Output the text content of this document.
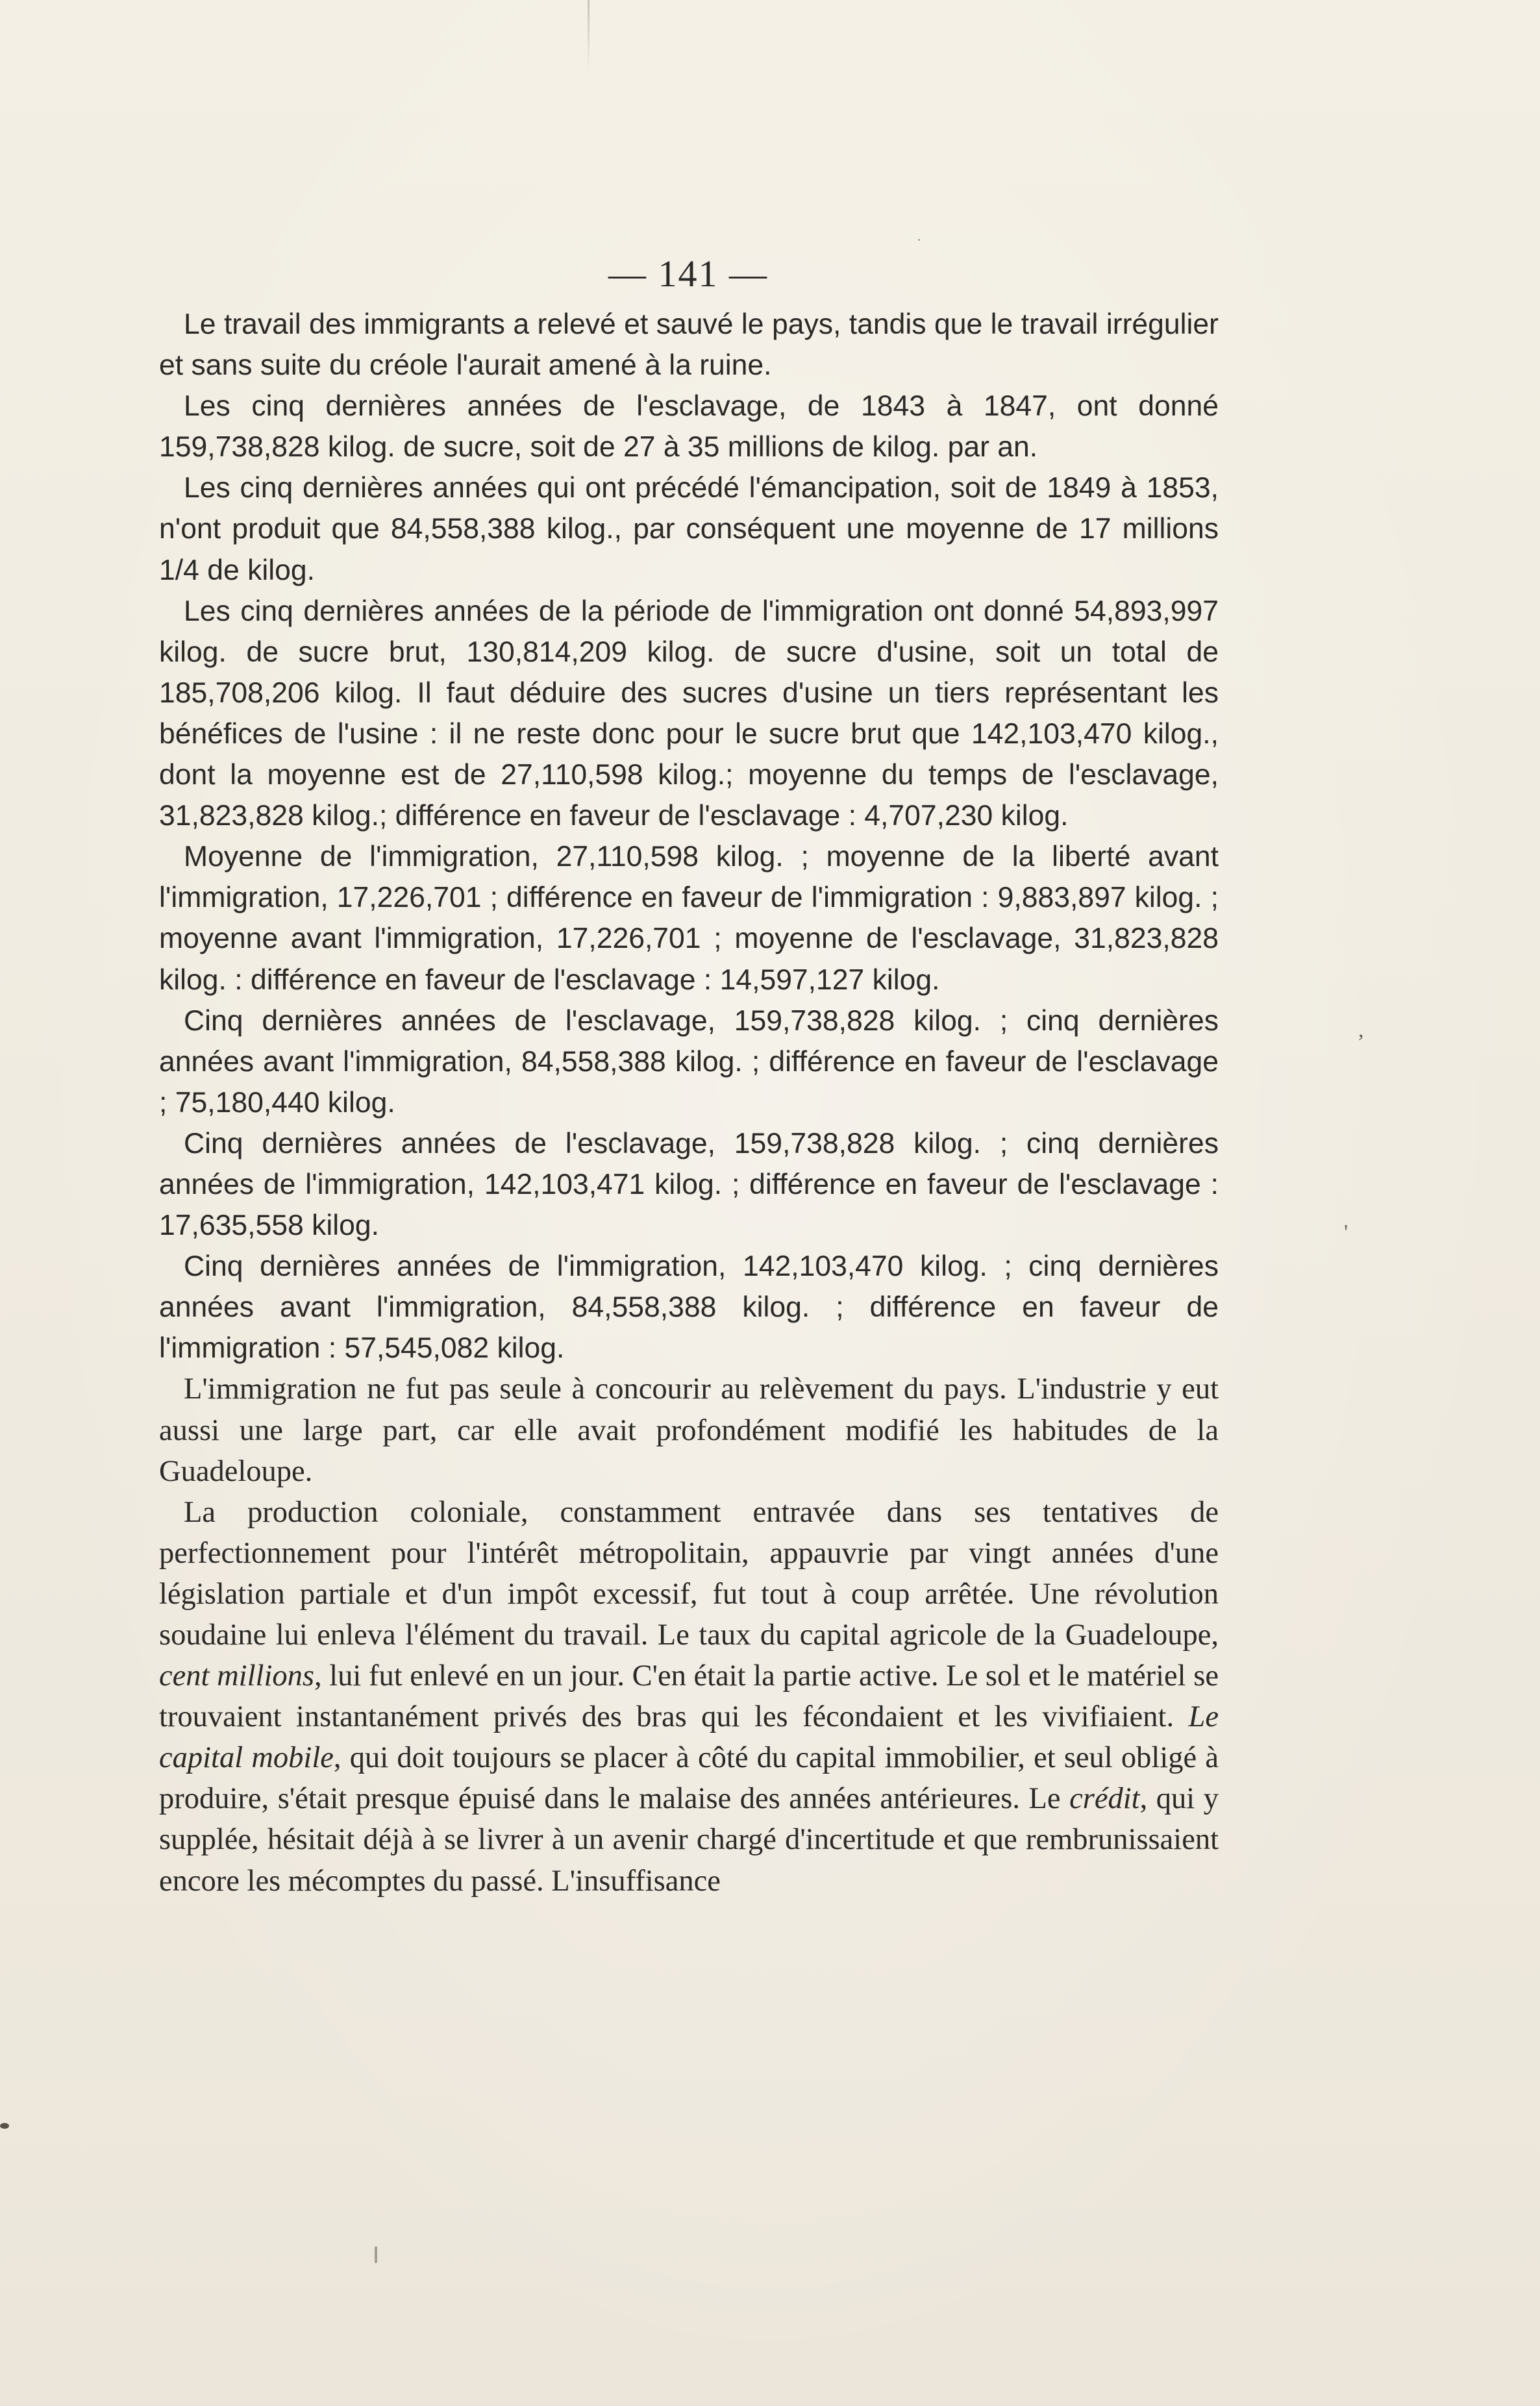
— 141 —

Le travail des immigrants a relevé et sauvé le pays, tandis que le travail irrégulier et sans suite du créole l'aurait amené à la ruine.

Les cinq dernières années de l'esclavage, de 1843 à 1847, ont donné 159,738,828 kilog. de sucre, soit de 27 à 35 millions de kilog. par an.

Les cinq dernières années qui ont précédé l'émancipation, soit de 1849 à 1853, n'ont produit que 84,558,388 kilog., par conséquent une moyenne de 17 millions 1/4 de kilog.

Les cinq dernières années de la période de l'immigration ont donné 54,893,997 kilog. de sucre brut, 130,814,209 kilog. de sucre d'usine, soit un total de 185,708,206 kilog. Il faut déduire des sucres d'usine un tiers représentant les bénéfices de l'usine : il ne reste donc pour le sucre brut que 142,103,470 kilog., dont la moyenne est de 27,110,598 kilog.; moyenne du temps de l'esclavage, 31,823,828 kilog.; différence en faveur de l'esclavage : 4,707,230 kilog.

Moyenne de l'immigration, 27,110,598 kilog. ; moyenne de la liberté avant l'immigration, 17,226,701 ; différence en faveur de l'immigration : 9,883,897 kilog. ; moyenne avant l'immigration, 17,226,701 ; moyenne de l'esclavage, 31,823,828 kilog. : différence en faveur de l'esclavage : 14,597,127 kilog.

Cinq dernières années de l'esclavage, 159,738,828 kilog. ; cinq dernières années avant l'immigration, 84,558,388 kilog. ; différence en faveur de l'esclavage ; 75,180,440 kilog.

Cinq dernières années de l'esclavage, 159,738,828 kilog. ; cinq dernières années de l'immigration, 142,103,471 kilog. ; différence en faveur de l'esclavage : 17,635,558 kilog.

Cinq dernières années de l'immigration, 142,103,470 kilog. ; cinq dernières années avant l'immigration, 84,558,388 kilog. ; différence en faveur de l'immigration : 57,545,082 kilog.

L'immigration ne fut pas seule à concourir au relèvement du pays. L'industrie y eut aussi une large part, car elle avait profondément modifié les habitudes de la Guadeloupe.

La production coloniale, constamment entravée dans ses tentatives de perfectionnement pour l'intérêt métropolitain, appauvrie par vingt années d'une législation partiale et d'un impôt excessif, fut tout à coup arrêtée. Une révolution soudaine lui enleva l'élément du travail. Le taux du capital agricole de la Guadeloupe, cent millions, lui fut enlevé en un jour. C'en était la partie active. Le sol et le matériel se trouvaient instantanément privés des bras qui les fécondaient et les vivifiaient. Le capital mobile, qui doit toujours se placer à côté du capital immobilier, et seul obligé à produire, s'était presque épuisé dans le malaise des années antérieures. Le crédit, qui y supplée, hésitait déjà à se livrer à un avenir chargé d'incertitude et que rembrunissaient encore les mécomptes du passé. L'insuffisance

,
'
